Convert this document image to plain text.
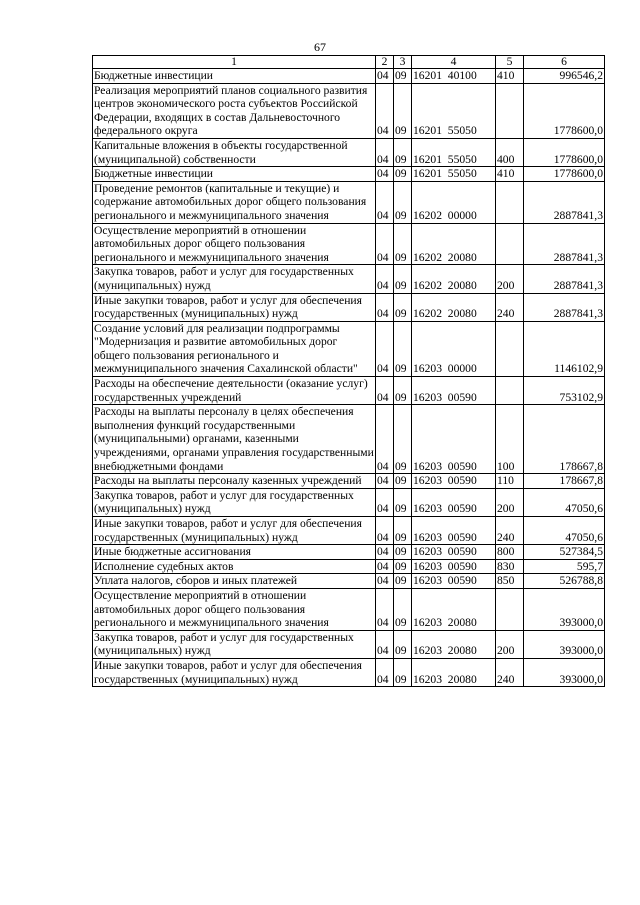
67
1	2	3	4	5	6
Бюджетные инвестиции	04	09	16201  40100	410	996546,2
Реализация мероприятий планов социального развития центров экономического роста субъектов Российской Федерации, входящих в состав Дальневосточного федерального округа	04	09	16201  55050		1778600,0
Капитальные вложения в объекты государственной (муниципальной) собственности	04	09	16201  55050	400	1778600,0
Бюджетные инвестиции	04	09	16201  55050	410	1778600,0
Проведение ремонтов (капитальные и текущие) и содержание автомобильных дорог общего пользования регионального и межмуниципального значения	04	09	16202  00000		2887841,3
Осуществление мероприятий в отношении автомобильных дорог общего пользования регионального и межмуниципального значения	04	09	16202  20080		2887841,3
Закупка товаров, работ и услуг для государственных (муниципальных) нужд	04	09	16202  20080	200	2887841,3
Иные закупки товаров, работ и услуг для обеспечения государственных (муниципальных) нужд	04	09	16202  20080	240	2887841,3
Создание условий для реализации подпрограммы "Модернизация и развитие автомобильных дорог общего пользования регионального и межмуниципального значения Сахалинской области"	04	09	16203  00000		1146102,9
Расходы на обеспечение деятельности (оказание услуг) государственных учреждений	04	09	16203  00590		753102,9
Расходы на выплаты персоналу в целях обеспечения выполнения функций государственными (муниципальными) органами, казенными учреждениями, органами управления государственными внебюджетными фондами	04	09	16203  00590	100	178667,8
Расходы на выплаты персоналу казенных учреждений	04	09	16203  00590	110	178667,8
Закупка товаров, работ и услуг для государственных (муниципальных) нужд	04	09	16203  00590	200	47050,6
Иные закупки товаров, работ и услуг для обеспечения государственных (муниципальных) нужд	04	09	16203  00590	240	47050,6
Иные бюджетные ассигнования	04	09	16203  00590	800	527384,5
Исполнение судебных актов	04	09	16203  00590	830	595,7
Уплата налогов, сборов и иных платежей	04	09	16203  00590	850	526788,8
Осуществление мероприятий в отношении автомобильных дорог общего пользования регионального и межмуниципального значения	04	09	16203  20080		393000,0
Закупка товаров, работ и услуг для государственных (муниципальных) нужд	04	09	16203  20080	200	393000,0
Иные закупки товаров, работ и услуг для обеспечения государственных (муниципальных) нужд	04	09	16203  20080	240	393000,0
